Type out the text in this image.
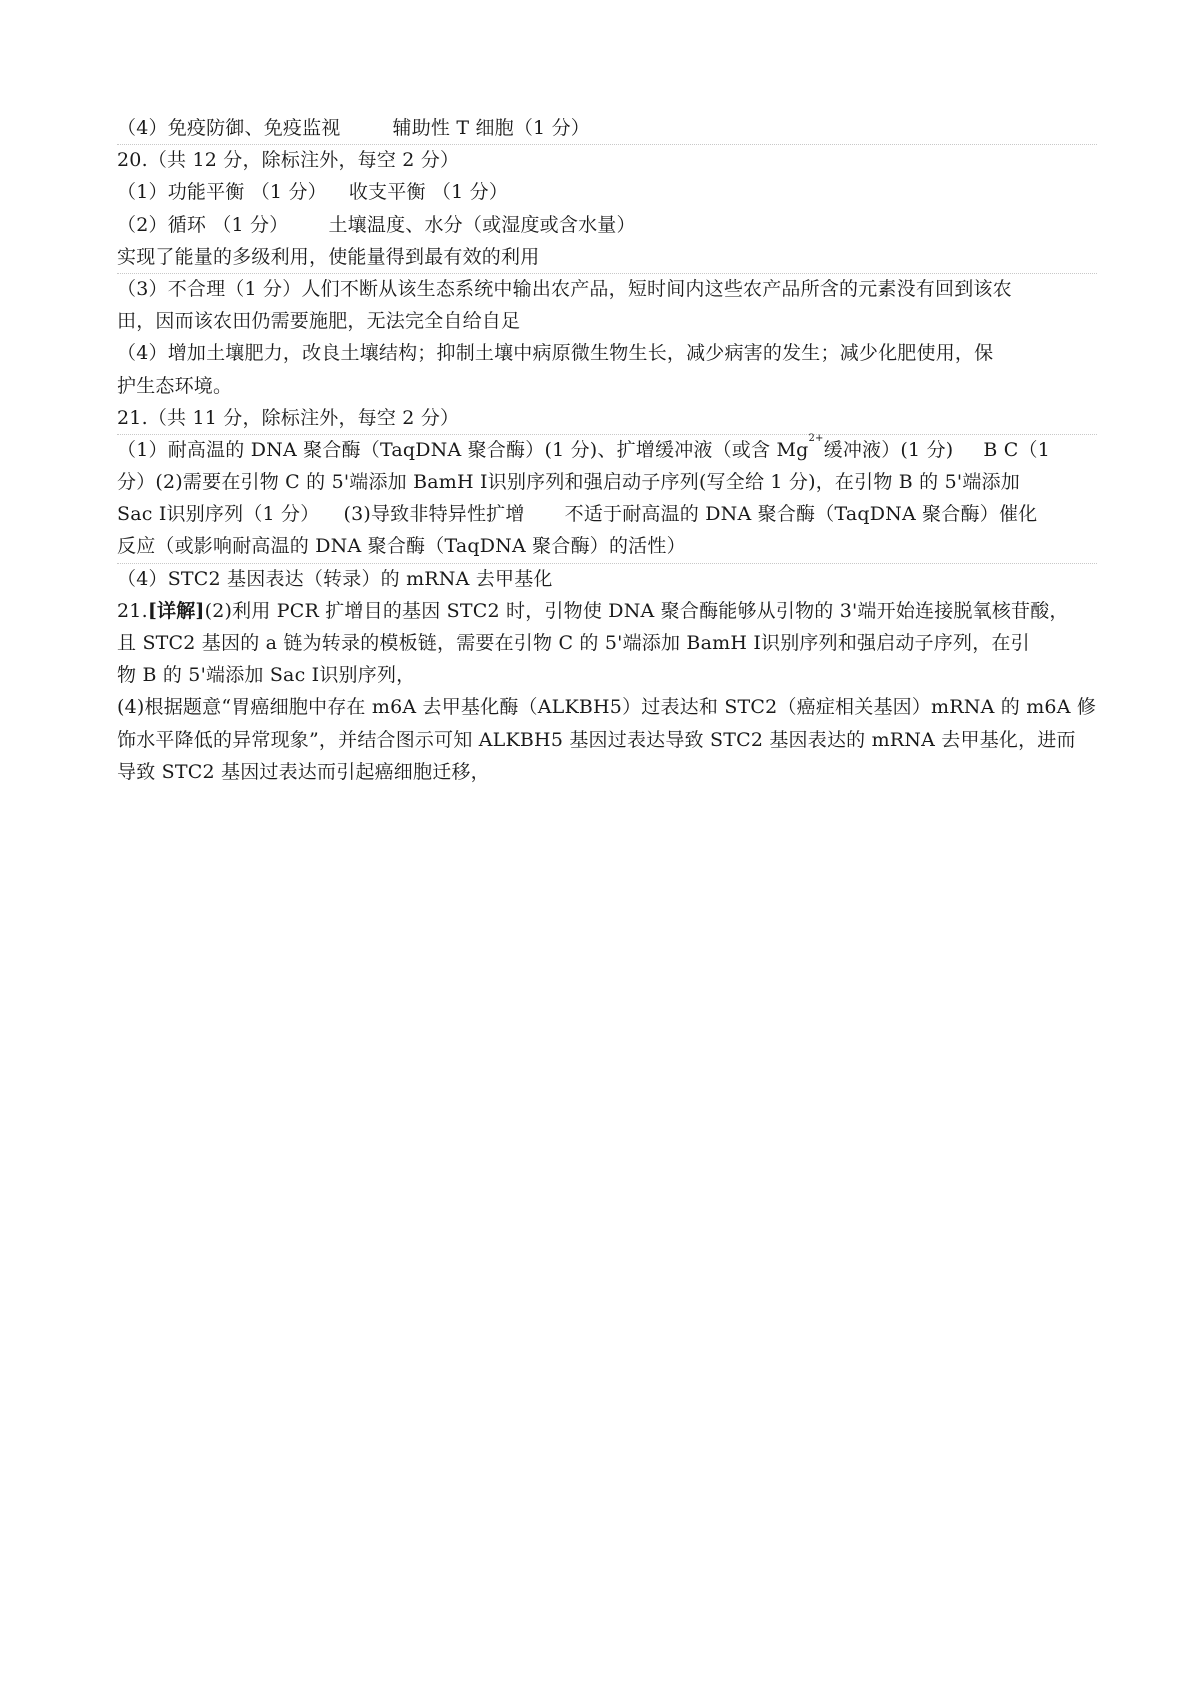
（4）免疫防御、免疫监视	辅助性 T 细胞（1 分）
20.（共 12 分，除标注外，每空 2 分）
（1）功能平衡 （1 分） 收支平衡 （1 分）
（2）循环 （1 分） 土壤温度、水分（或湿度或含水量）
实现了能量的多级利用，使能量得到最有效的利用
（3）不合理（1 分）人们不断从该生态系统中输出农产品，短时间内这些农产品所含的元素没有回到该农
田，因而该农田仍需要施肥，无法完全自给自足
（4）增加土壤肥力，改良土壤结构；抑制土壤中病原微生物生长，减少病害的发生；减少化肥使用，保
护生态环境。
21.（共 11 分，除标注外，每空 2 分）
（1）耐高温的 DNA 聚合酶（TaqDNA 聚合酶）(1 分)、扩增缓冲液（或含 $Mg^{2+}$缓冲液）(1 分) B C（1
分）(2)需要在引物 C 的 5'端添加 BamH Ⅰ识别序列和强启动子序列(写全给 1 分)，在引物 B 的 5'端添加
Sac Ⅰ识别序列（1 分） (3)导致非特异性扩增 不适于耐高温的 DNA 聚合酶（TaqDNA 聚合酶）催化
反应（或影响耐高温的 DNA 聚合酶（TaqDNA 聚合酶）的活性）
（4）STC2 基因表达（转录）的 mRNA 去甲基化
21.[详解](2)利用 PCR 扩增目的基因 STC2 时，引物使 DNA 聚合酶能够从引物的 3'端开始连接脱氧核苷酸，
且 STC2 基因的 a 链为转录的模板链，需要在引物 C 的 5'端添加 BamH Ⅰ识别序列和强启动子序列，在引
物 B 的 5'端添加 Sac Ⅰ识别序列，
(4)根据题意“胃癌细胞中存在 m6A 去甲基化酶（ALKBH5）过表达和 STC2（癌症相关基因）mRNA 的 m6A 修
饰水平降低的异常现象”，并结合图示可知 ALKBH5 基因过表达导致 STC2 基因表达的 mRNA 去甲基化，进而
导致 STC2 基因过表达而引起癌细胞迁移，
